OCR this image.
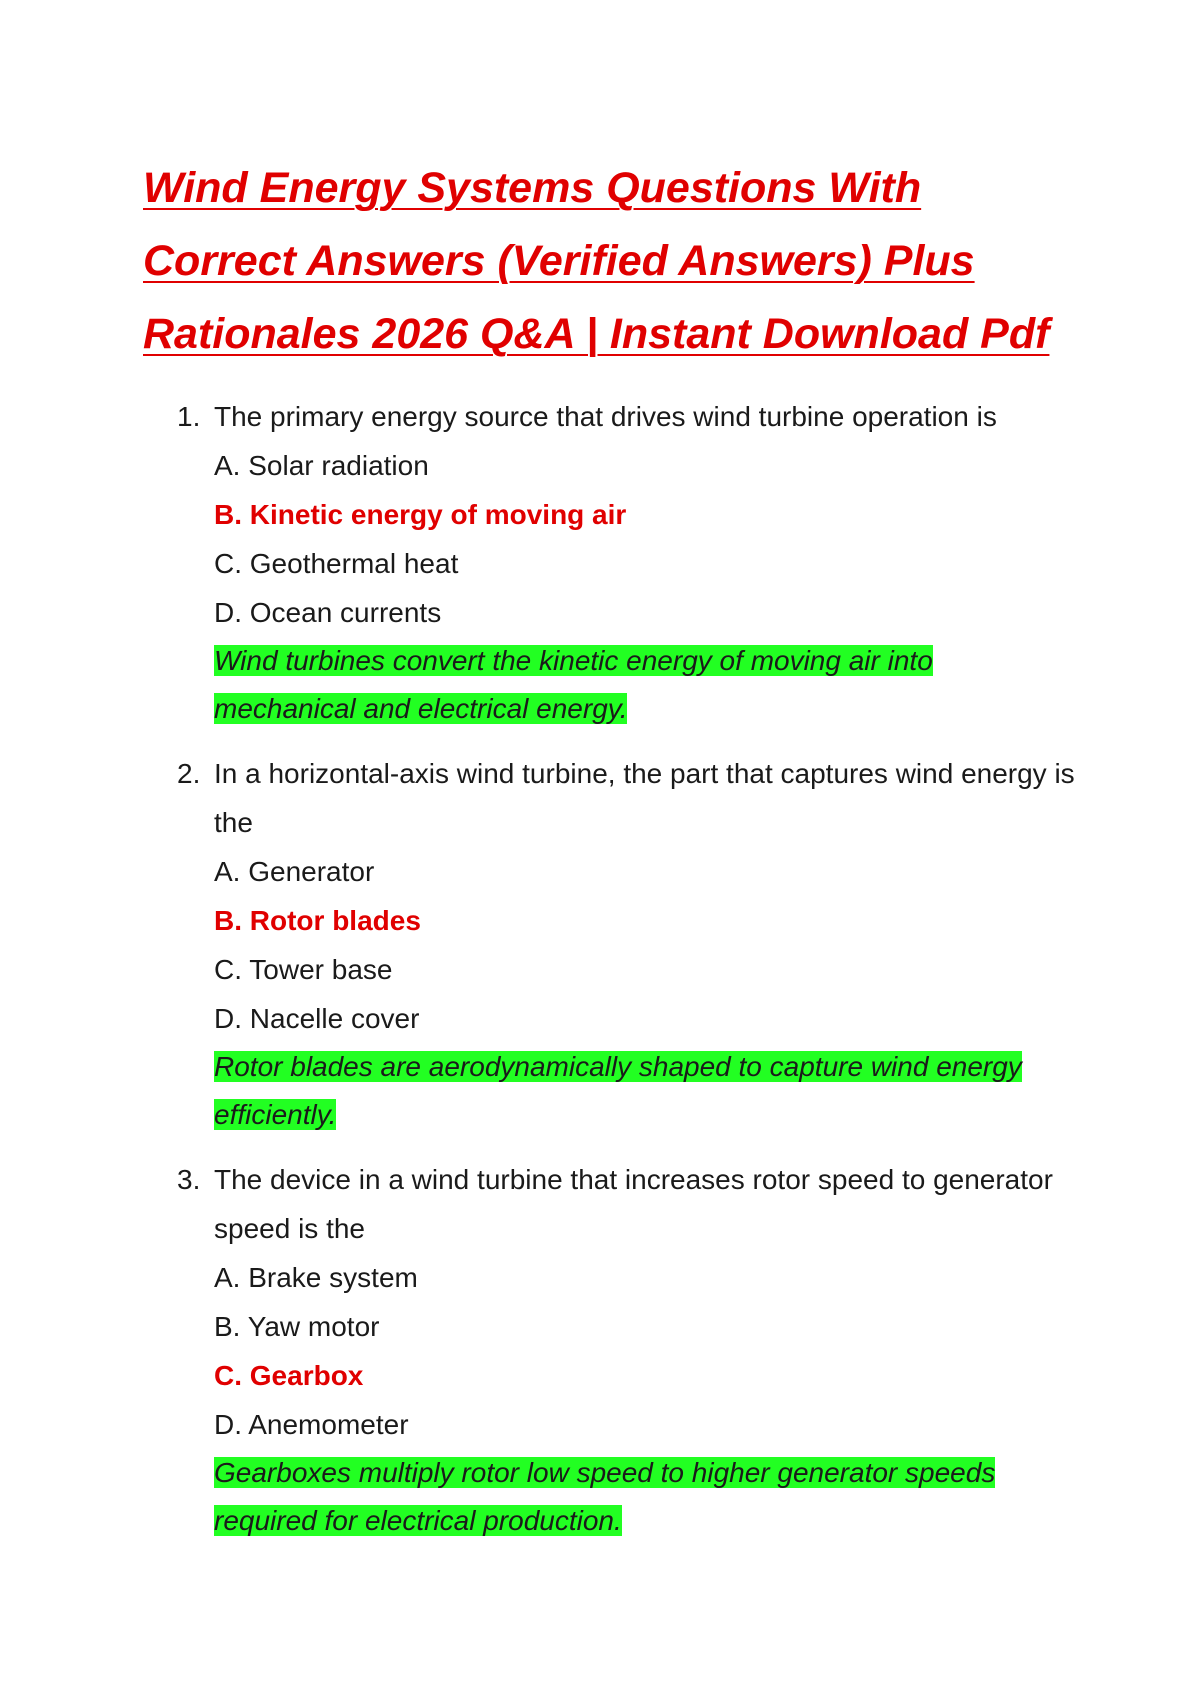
Wind Energy Systems Questions With Correct Answers (Verified Answers) Plus Rationales 2026 Q&A | Instant Download Pdf
1. The primary energy source that drives wind turbine operation is

A. Solar radiation
B. Kinetic energy of moving air
C. Geothermal heat
D. Ocean currents

Wind turbines convert the kinetic energy of moving air into mechanical and electrical energy.

2. In a horizontal-axis wind turbine, the part that captures wind energy is the

A. Generator
B. Rotor blades
C. Tower base
D. Nacelle cover

Rotor blades are aerodynamically shaped to capture wind energy efficiently.

3. The device in a wind turbine that increases rotor speed to generator speed is the

A. Brake system
B. Yaw motor
C. Gearbox
D. Anemometer

Gearboxes multiply rotor low speed to higher generator speeds required for electrical production.
